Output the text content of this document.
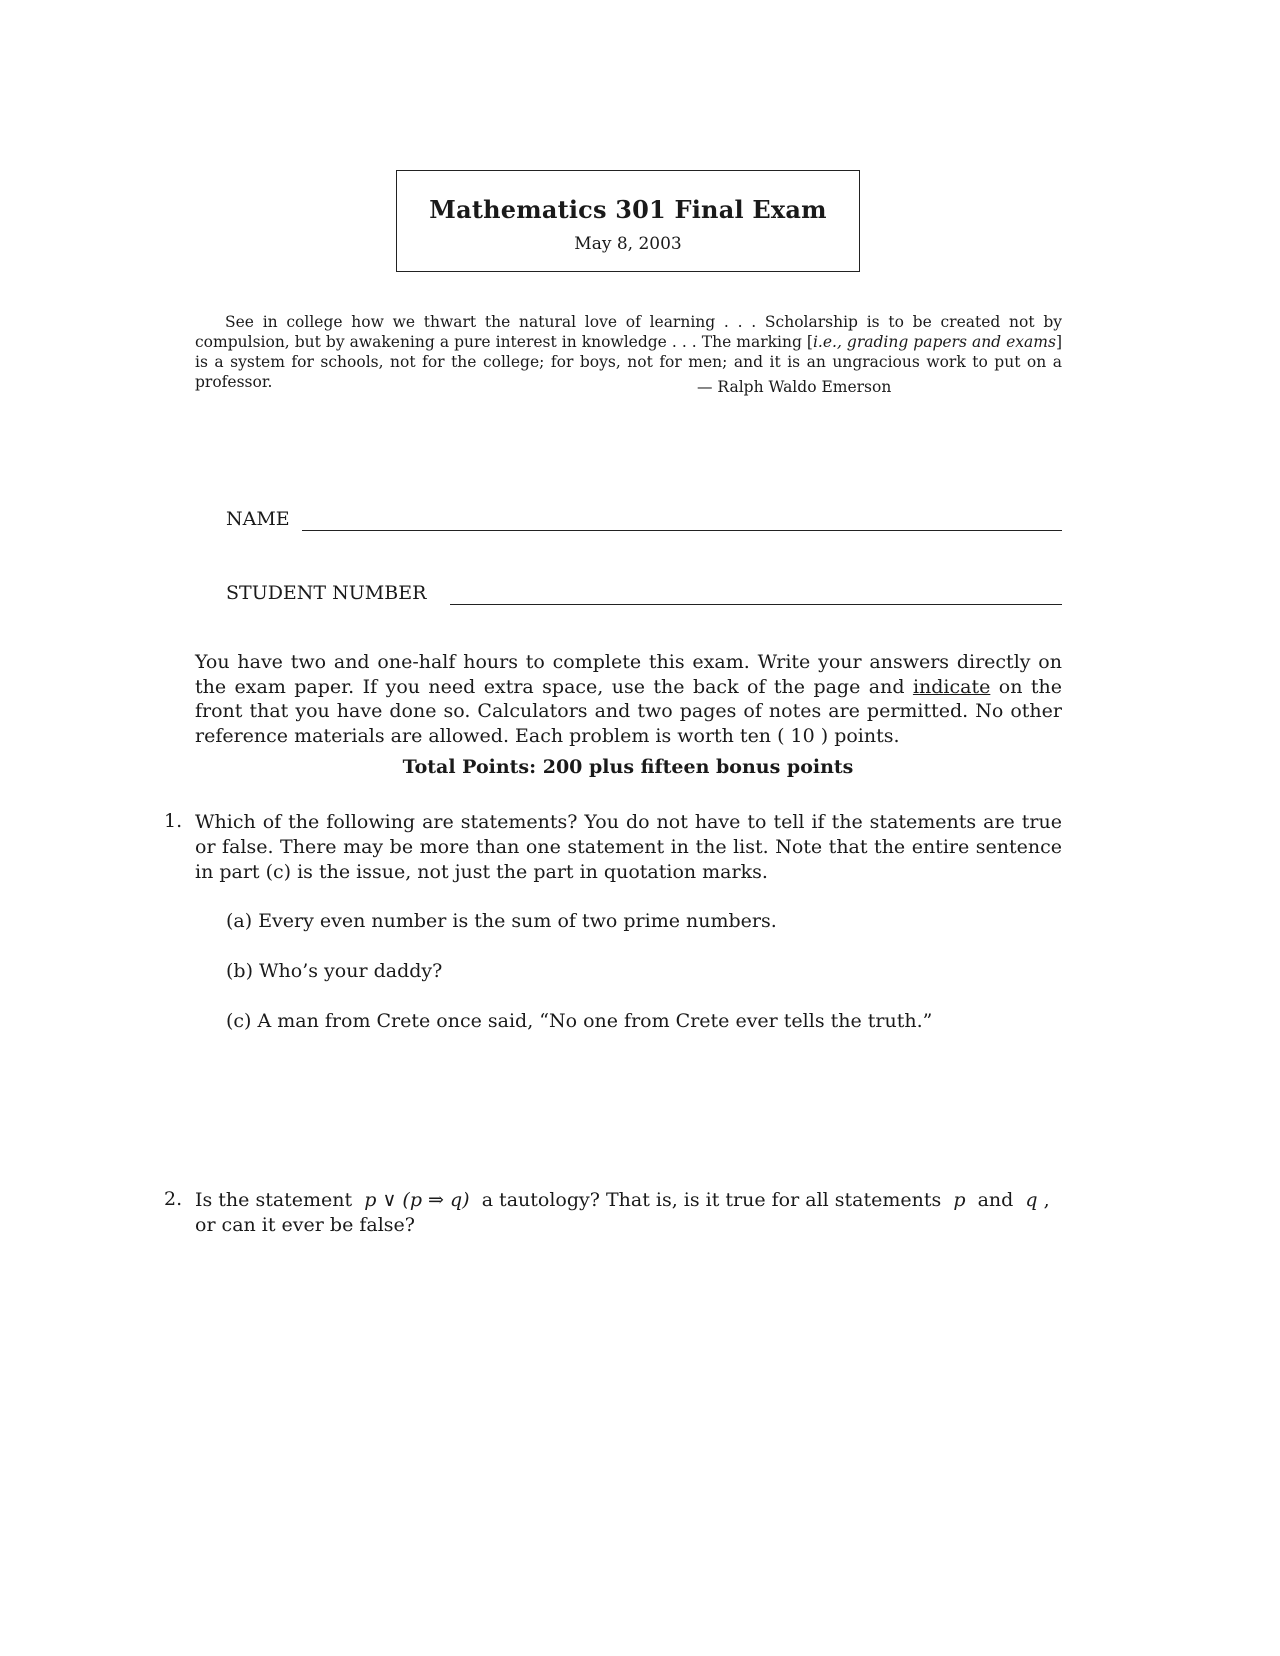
Mathematics 301 Final Exam
May 8, 2003
See in college how we thwart the natural love of learning . . . Scholarship is to be created not by compulsion, but by awakening a pure interest in knowledge . . . The marking [i.e., grading papers and exams] is a system for schools, not for the college; for boys, not for men; and it is an ungracious work to put on a professor.	— Ralph Waldo Emerson
NAME
STUDENT NUMBER
You have two and one-half hours to complete this exam. Write your answers directly on the exam paper. If you need extra space, use the back of the page and indicate on the front that you have done so. Calculators and two pages of notes are permitted. No other reference materials are allowed. Each problem is worth ten ( 10 ) points.
Total Points: 200 plus fifteen bonus points
1. Which of the following are statements? You do not have to tell if the statements are true or false. There may be more than one statement in the list. Note that the entire sentence in part (c) is the issue, not just the part in quotation marks.
(a) Every even number is the sum of two prime numbers.
(b) Who’s your daddy?
(c) A man from Crete once said, “No one from Crete ever tells the truth.”
2. Is the statement p ∨ (p ⇒ q) a tautology? That is, is it true for all statements p and q , or can it ever be false?
